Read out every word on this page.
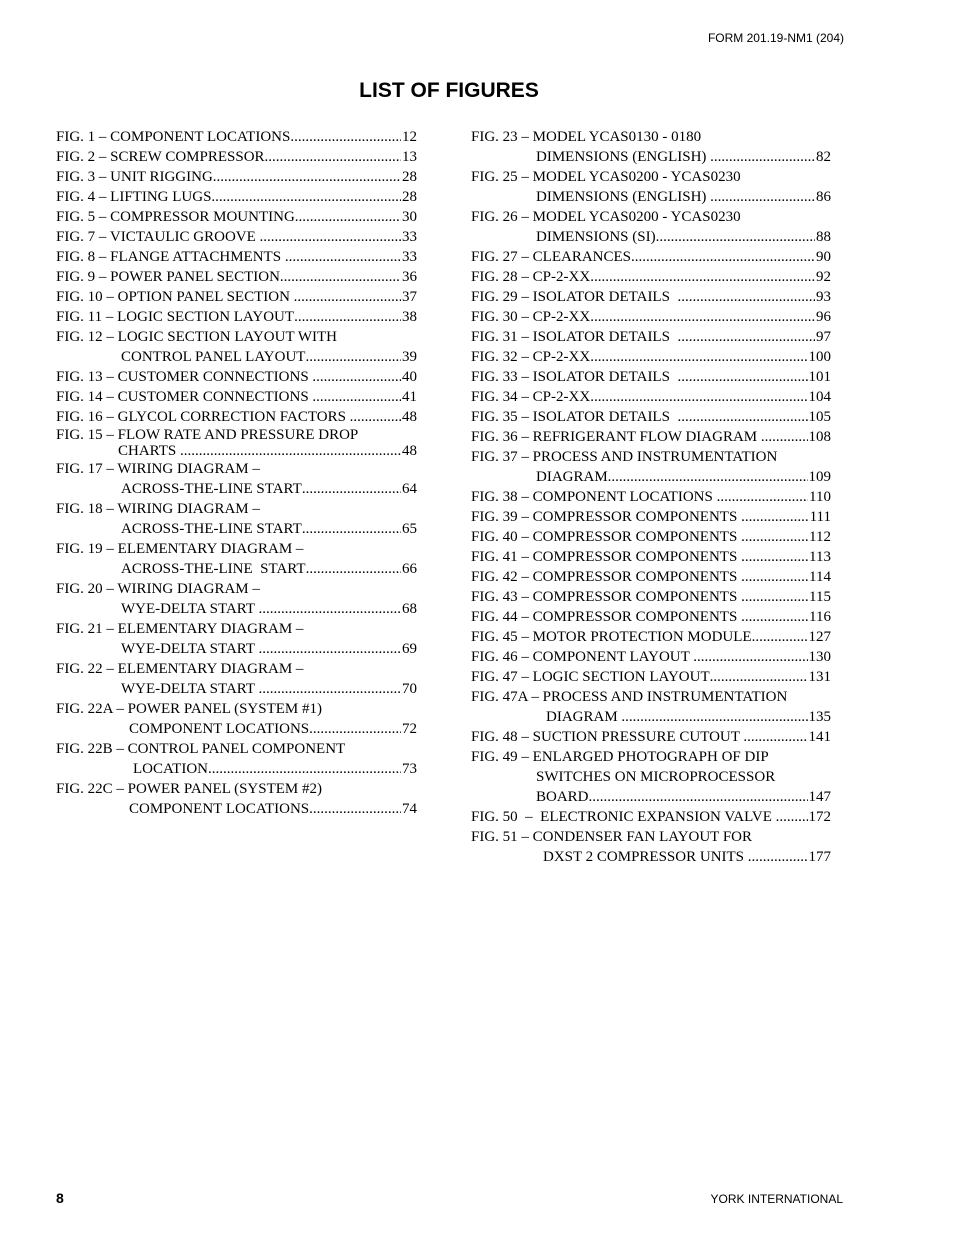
FORM 201.19-NM1 (204)
LIST OF FIGURES
FIG. 1 – COMPONENT LOCATIONS .....	12
FIG. 2 – SCREW COMPRESSOR .....	13
FIG. 3 – UNIT RIGGING .....	28
FIG. 4 – LIFTING LUGS .....	28
FIG. 5 – COMPRESSOR MOUNTING .....	30
FIG. 7 – VICTAULIC GROOVE .....	33
FIG. 8 – FLANGE ATTACHMENTS .....	33
FIG. 9 – POWER PANEL SECTION .....	36
FIG. 10 – OPTION PANEL SECTION .....	37
FIG. 11 – LOGIC SECTION LAYOUT .....	38
FIG. 12 – LOGIC SECTION LAYOUT WITH
CONTROL PANEL LAYOUT .....	39
FIG. 13 – CUSTOMER CONNECTIONS .....	40
FIG. 14 – CUSTOMER CONNECTIONS .....	41
FIG. 16 – GLYCOL CORRECTION FACTORS .....	48
FIG. 15 – FLOW RATE AND PRESSURE DROP
CHARTS .....	48
FIG. 17 – WIRING DIAGRAM –
ACROSS-THE-LINE START .....	64
FIG. 18 – WIRING DIAGRAM –
ACROSS-THE-LINE START .....	65
FIG. 19 – ELEMENTARY DIAGRAM –
ACROSS-THE-LINE  START .....	66
FIG. 20 – WIRING DIAGRAM –
WYE-DELTA START .....	68
FIG. 21 – ELEMENTARY DIAGRAM –
WYE-DELTA START .....	69
FIG. 22 – ELEMENTARY DIAGRAM –
WYE-DELTA START .....	70
FIG. 22A – POWER PANEL (SYSTEM #1)
COMPONENT LOCATIONS .....	72
FIG. 22B – CONTROL PANEL COMPONENT
LOCATION .....	73
FIG. 22C – POWER PANEL (SYSTEM #2)
COMPONENT LOCATIONS .....	74
FIG. 23 – MODEL YCAS0130 - 0180
DIMENSIONS (ENGLISH) .....	82
FIG. 25 – MODEL YCAS0200 - YCAS0230
DIMENSIONS (ENGLISH) .....	86
FIG. 26 – MODEL YCAS0200 - YCAS0230
DIMENSIONS (SI) .....	88
FIG. 27 – CLEARANCES .....	90
FIG. 28 – CP-2-XX .....	92
FIG. 29 – ISOLATOR DETAILS .....	93
FIG. 30 – CP-2-XX .....	96
FIG. 31 – ISOLATOR DETAILS .....	97
FIG. 32 – CP-2-XX .....	100
FIG. 33 – ISOLATOR DETAILS .....	101
FIG. 34 – CP-2-XX .....	104
FIG. 35 – ISOLATOR DETAILS .....	105
FIG. 36 – REFRIGERANT FLOW DIAGRAM .....	108
FIG. 37 – PROCESS AND INSTRUMENTATION
DIAGRAM .....	109
FIG. 38 – COMPONENT LOCATIONS .....	110
FIG. 39 – COMPRESSOR COMPONENTS .....	111
FIG. 40 – COMPRESSOR COMPONENTS .....	112
FIG. 41 – COMPRESSOR COMPONENTS .....	113
FIG. 42 – COMPRESSOR COMPONENTS .....	114
FIG. 43 – COMPRESSOR COMPONENTS .....	115
FIG. 44 – COMPRESSOR COMPONENTS .....	116
FIG. 45 – MOTOR PROTECTION MODULE .....	127
FIG. 46 – COMPONENT LAYOUT .....	130
FIG. 47 – LOGIC SECTION LAYOUT .....	131
FIG. 47A – PROCESS AND INSTRUMENTATION
DIAGRAM .....	135
FIG. 48 – SUCTION PRESSURE CUTOUT .....	141
FIG. 49 – ENLARGED PHOTOGRAPH OF DIP
SWITCHES ON MICROPROCESSOR
BOARD .....	147
FIG. 50  –  ELECTRONIC EXPANSION VALVE ..... 172
FIG. 51 – CONDENSER FAN LAYOUT FOR
DXST 2 COMPRESSOR UNITS .....	177
8	YORK INTERNATIONAL
